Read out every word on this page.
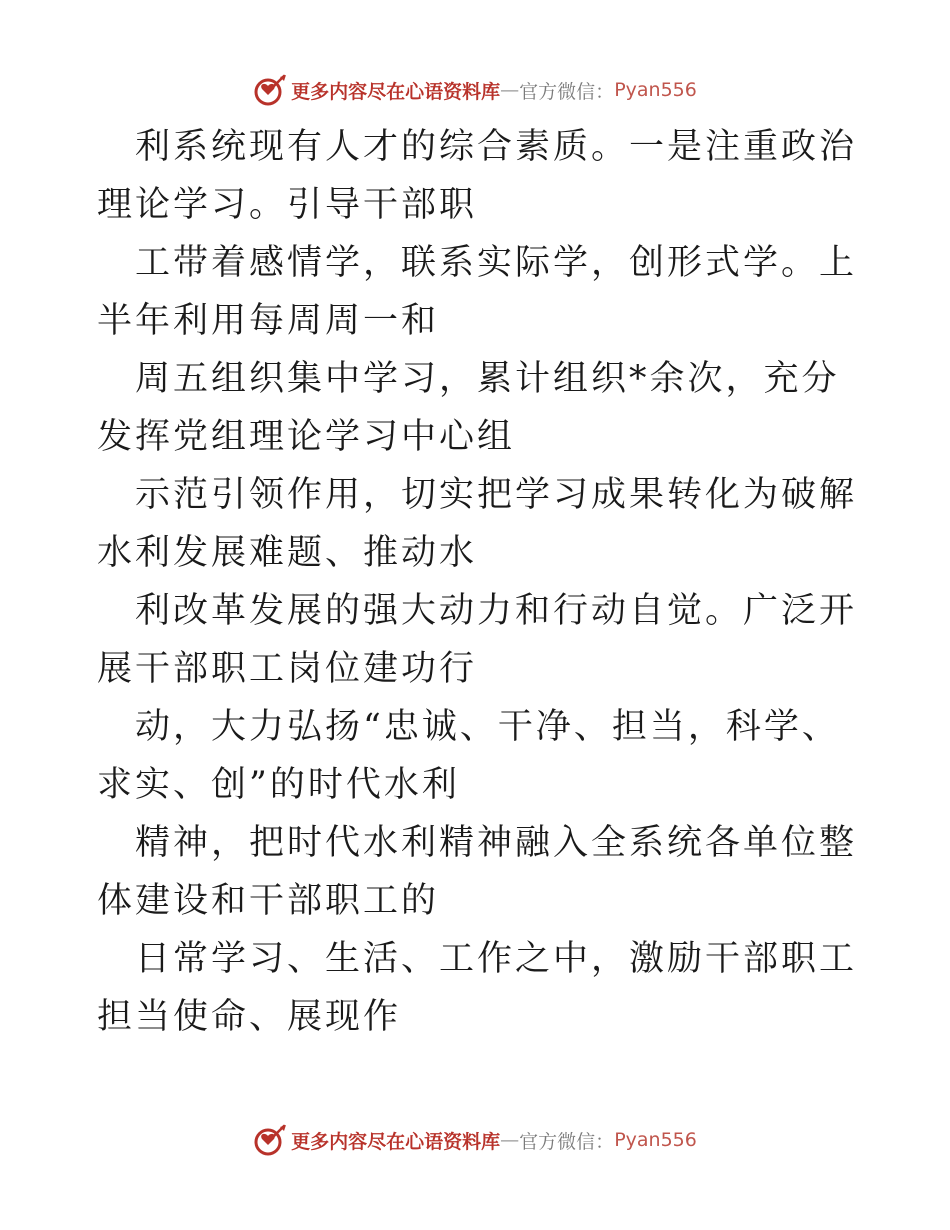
更多内容尽在心语资料库 — 官方微信： Pyan556

利系统现有人才的综合素质。一是注重政治理论学习。引导干部职

工带着感情学，联系实际学，创形式学。上半年利用每周周一和

周五组织集中学习，累计组织*余次，充分发挥党组理论学习中心组

示范引领作用，切实把学习成果转化为破解水利发展难题、推动水

利改革发展的强大动力和行动自觉。广泛开展干部职工岗位建功行

动，大力弘扬“忠诚、干净、担当，科学、求实、创”的时代水利

精神，把时代水利精神融入全系统各单位整体建设和干部职工的

日常学习、生活、工作之中，激励干部职工担当使命、展现作

更多内容尽在心语资料库 — 官方微信： Pyan556
